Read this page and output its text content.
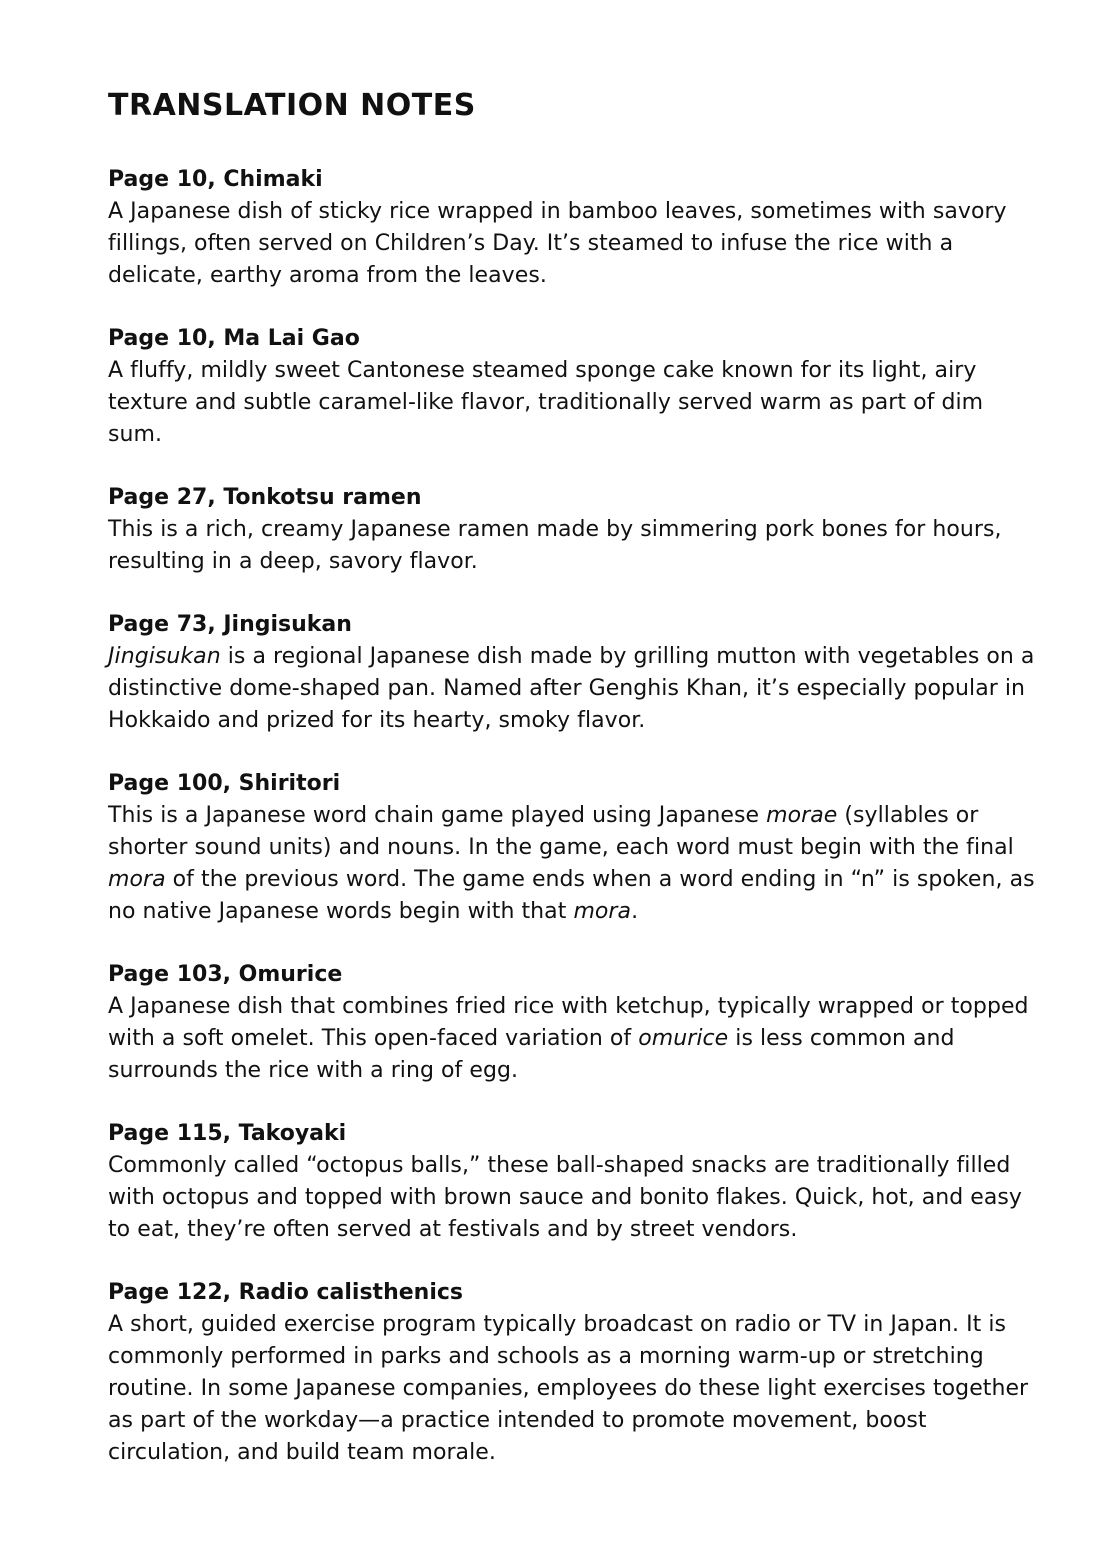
TRANSLATION NOTES

Page 10, Chimaki

A Japanese dish of sticky rice wrapped in bamboo leaves, sometimes with savory fillings, often served on Children’s Day. It’s steamed to infuse the rice with a delicate, earthy aroma from the leaves.

Page 10, Ma Lai Gao

A fluffy, mildly sweet Cantonese steamed sponge cake known for its light, airy texture and subtle caramel-like flavor, traditionally served warm as part of dim sum.

Page 27, Tonkotsu ramen

This is a rich, creamy Japanese ramen made by simmering pork bones for hours, resulting in a deep, savory flavor.

Page 73, Jingisukan

Jingisukan is a regional Japanese dish made by grilling mutton with vegetables on a distinctive dome-shaped pan. Named after Genghis Khan, it’s especially popular in Hokkaido and prized for its hearty, smoky flavor.

Page 100, Shiritori

This is a Japanese word chain game played using Japanese morae (syllables or shorter sound units) and nouns. In the game, each word must begin with the final mora of the previous word. The game ends when a word ending in “n” is spoken, as no native Japanese words begin with that mora.

Page 103, Omurice

A Japanese dish that combines fried rice with ketchup, typically wrapped or topped with a soft omelet. This open-faced variation of omurice is less common and surrounds the rice with a ring of egg.

Page 115, Takoyaki

Commonly called “octopus balls,” these ball-shaped snacks are traditionally filled with octopus and topped with brown sauce and bonito flakes. Quick, hot, and easy to eat, they’re often served at festivals and by street vendors.

Page 122, Radio calisthenics

A short, guided exercise program typically broadcast on radio or TV in Japan. It is commonly performed in parks and schools as a morning warm-up or stretching routine. In some Japanese companies, employees do these light exercises together as part of the workday—a practice intended to promote movement, boost circulation, and build team morale.
